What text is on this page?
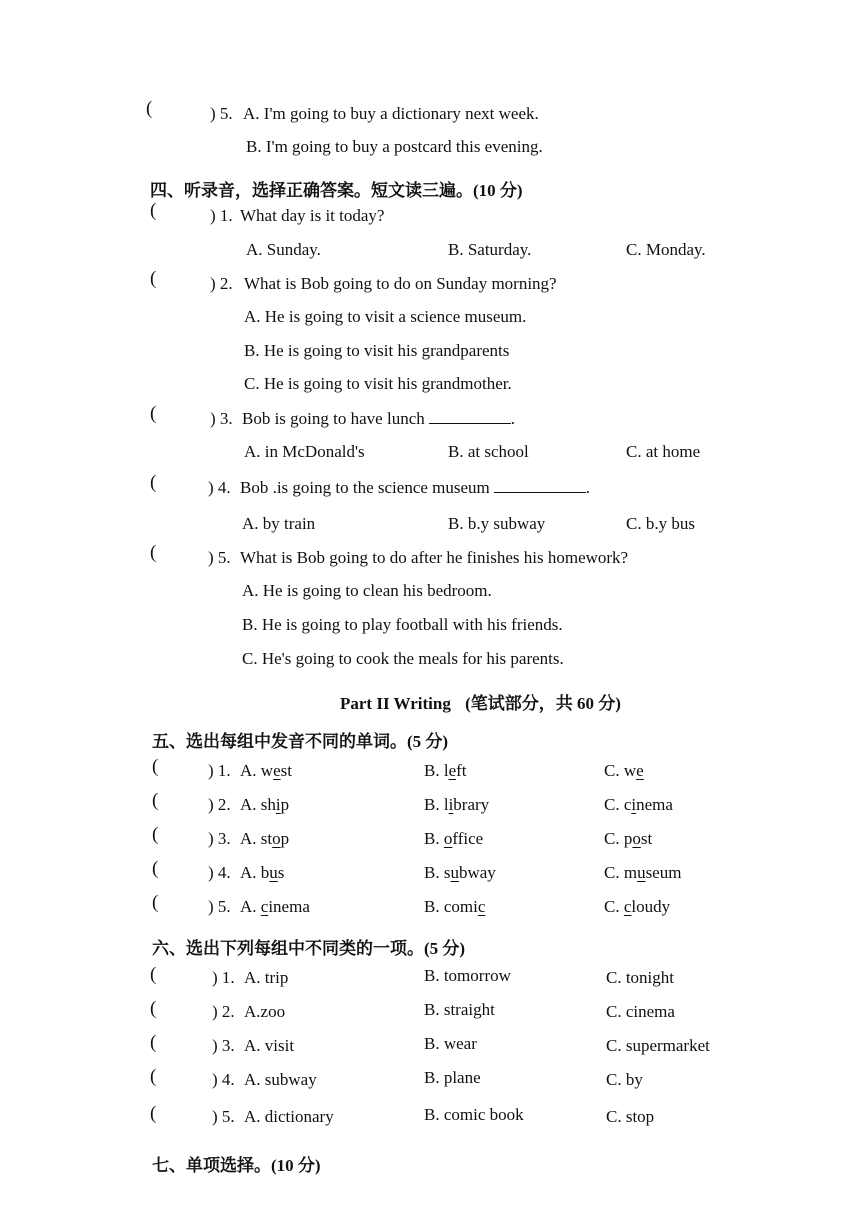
(	) 5. A. I'm going to buy a dictionary next week.
B. I'm going to buy a postcard this evening.
四、听录音，选择正确答案。短文读三遍。(10 分)
(	) 1. What day is it today?
A. Sunday.	B. Saturday.	C. Monday.
(	) 2. What is Bob going to do on Sunday morning?
A. He is going to visit a science museum.
B. He is going to visit his grandparents
C. He is going to visit his grandmother.
(	) 3. Bob is going to have lunch	.
A. in McDonald's	B. at school	C. at home
(	) 4. Bob .is going to the science museum	.
A. by train	B. b.y subway	C. b.y bus
(	) 5. What is Bob going to do after he finishes his homework?
A. He is going to clean his bedroom.
B. He is going to play football with his friends.
C. He's going to cook the meals for his parents.
Part II Writing (笔试部分，共 60 分)
五、选出每组中发音不同的单词。(5 分)
(	) 1. A. west	B. left	C. we
(	) 2. A. ship	B. library	C. cinema
(	) 3. A. stop	B. office	C. post
(	) 4. A. bus	B. subway	C. museum
(	) 5. A. cinema	B. comic	C. cloudy
六、选出下列每组中不同类的一项。(5 分)
(	) 1. A. trip	B. tomorrow	C. tonight
(	) 2. A.zoo	B. straight	C. cinema
(	) 3. A. visit	B. wear	C. supermarket
(	) 4. A. subway	B. plane	C. by
(	) 5. A. dictionary	B. comic book	C. stop
七、单项选择。(10 分)
